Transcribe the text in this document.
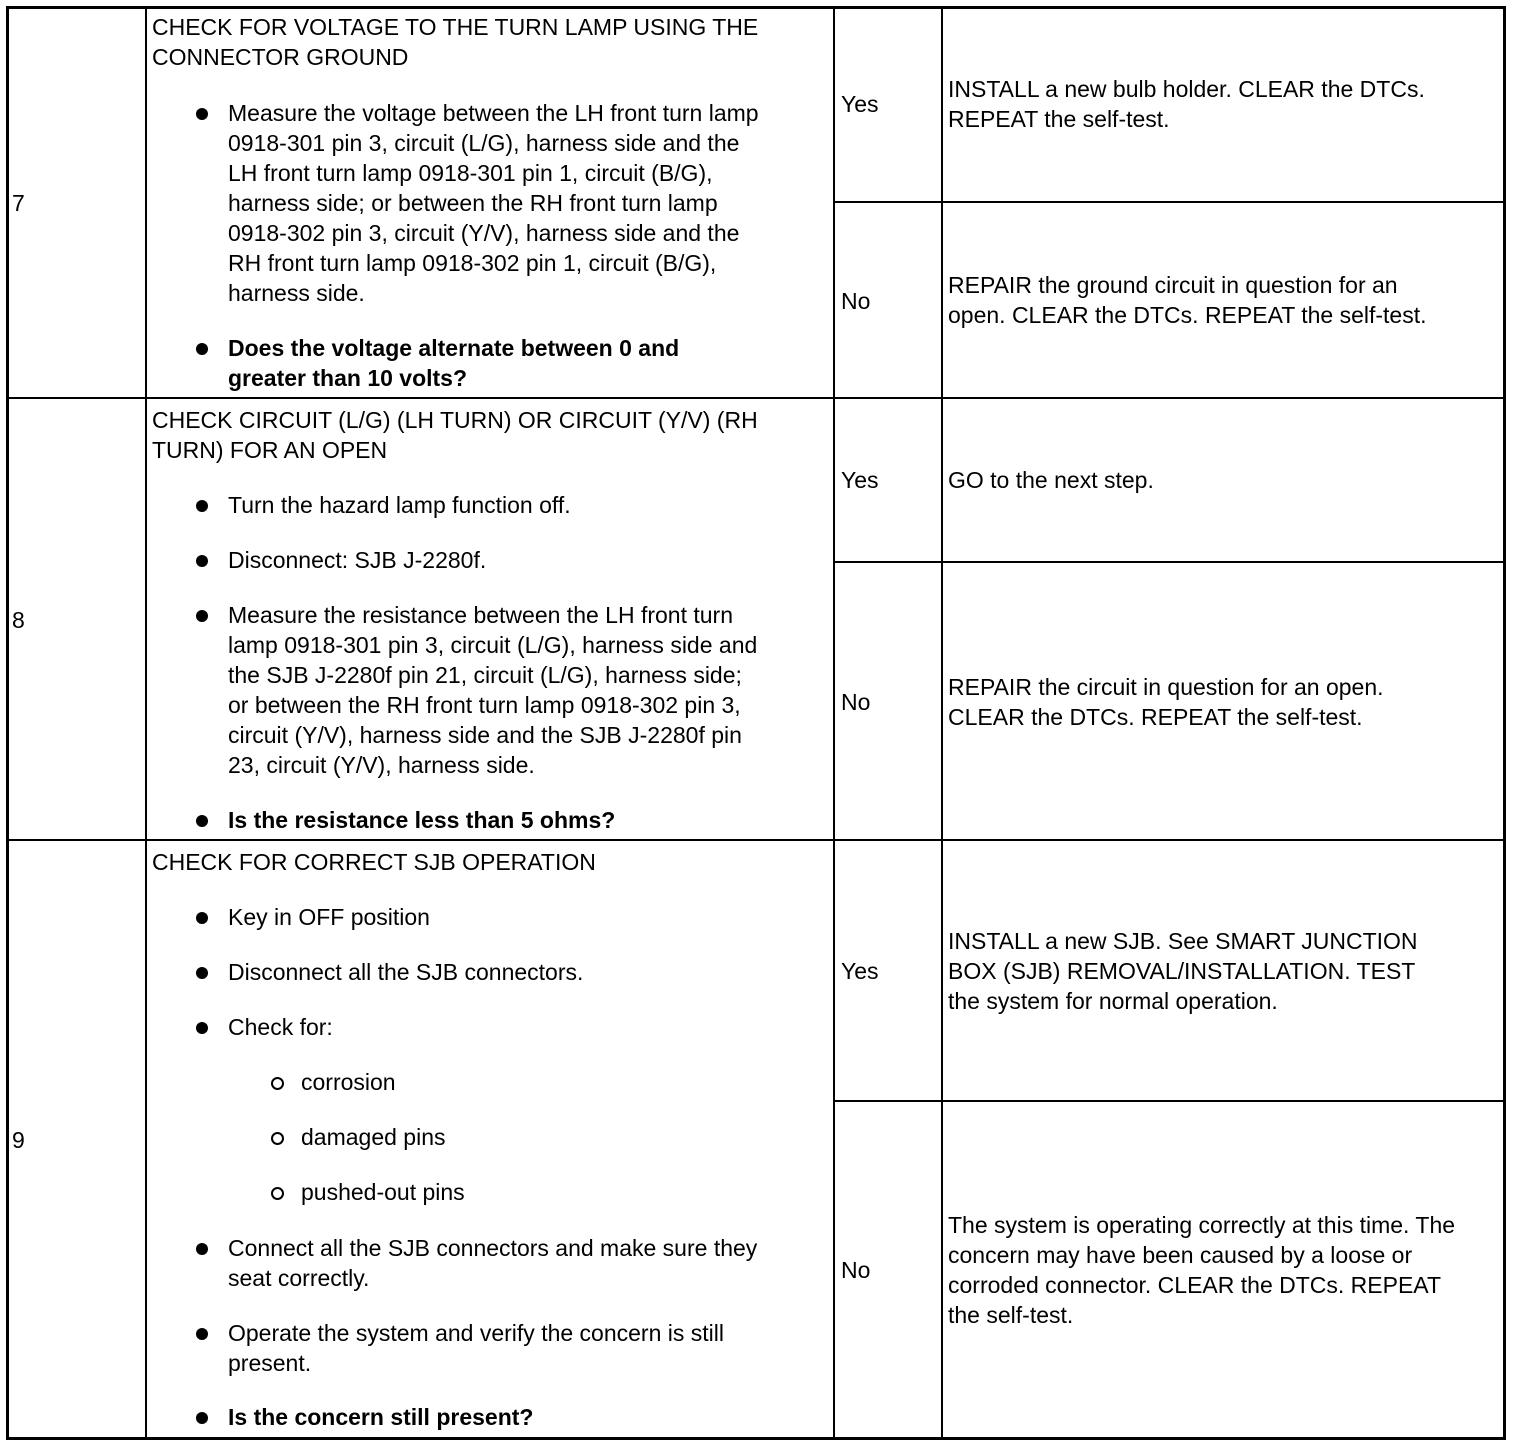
7
CHECK FOR VOLTAGE TO THE TURN LAMP USING THE
CONNECTOR GROUND
Measure the voltage between the LH front turn lamp
0918-301 pin 3, circuit (L/G), harness side and the
LH front turn lamp 0918-301 pin 1, circuit (B/G),
harness side; or between the RH front turn lamp
0918-302 pin 3, circuit (Y/V), harness side and the
RH front turn lamp 0918-302 pin 1, circuit (B/G),
harness side.
Does the voltage alternate between 0 and
greater than 10 volts?
Yes
INSTALL a new bulb holder. CLEAR the DTCs.
REPEAT the self-test.
No
REPAIR the ground circuit in question for an
open. CLEAR the DTCs. REPEAT the self-test.
8
CHECK CIRCUIT (L/G) (LH TURN) OR CIRCUIT (Y/V) (RH
TURN) FOR AN OPEN
Turn the hazard lamp function off.
Disconnect: SJB J-2280f.
Measure the resistance between the LH front turn
lamp 0918-301 pin 3, circuit (L/G), harness side and
the SJB J-2280f pin 21, circuit (L/G), harness side;
or between the RH front turn lamp 0918-302 pin 3,
circuit (Y/V), harness side and the SJB J-2280f pin
23, circuit (Y/V), harness side.
Is the resistance less than 5 ohms?
Yes	GO to the next step.
No
REPAIR the circuit in question for an open.
CLEAR the DTCs. REPEAT the self-test.
9
CHECK FOR CORRECT SJB OPERATION
Key in OFF position
Disconnect all the SJB connectors.
Check for:
corrosion
damaged pins
pushed-out pins
Connect all the SJB connectors and make sure they
seat correctly.
Operate the system and verify the concern is still
present.
Is the concern still present?
Yes
INSTALL a new SJB. See SMART JUNCTION
BOX (SJB) REMOVAL/INSTALLATION. TEST
the system for normal operation.
No
The system is operating correctly at this time. The
concern may have been caused by a loose or
corroded connector. CLEAR the DTCs. REPEAT
the self-test.
